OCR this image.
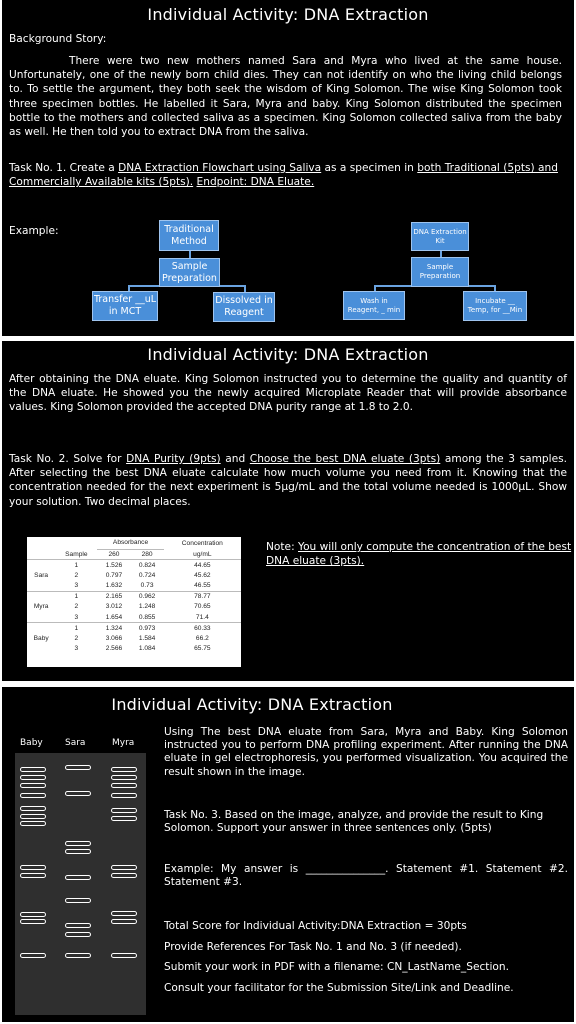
Individual Activity: DNA Extraction
Background Story:
There were two new mothers named Sara and Myra who lived at the same house. Unfortunately, one of the newly born child dies. They can not identify on who the living child belongs to. To settle the argument, they both seek the wisdom of King Solomon. The wise King Solomon took three specimen bottles. He labelled it Sara, Myra and baby. King Solomon distributed the specimen bottle to the mothers and collected saliva as a specimen. King Solomon collected saliva from the baby as well. He then told you to extract DNA from the saliva.
Task No. 1. Create a DNA Extraction Flowchart using Saliva as a specimen in both Traditional (5pts) and Commercially Available kits (5pts). Endpoint: DNA Eluate.
Example:	Traditional Method
Sample Preparation
Transfer __uL in MCT
Dissolved in Reagent
DNA Extraction Kit
Sample Preparation
Wash in Reagent, _ min
Incubate __ Temp, for __Min
Individual Activity: DNA Extraction
After obtaining the DNA eluate. King Solomon instructed you to determine the quality and quantity of the DNA eluate. He showed you the newly acquired Microplate Reader that will provide absorbance values. King Solomon provided the accepted DNA purity range at 1.8 to 2.0.
Task No. 2. Solve for DNA Purity (9pts) and Choose the best DNA eluate (3pts) among the 3 samples. After selecting the best DNA eluate calculate how much volume you need from it. Knowing that the concentration needed for the next experiment is 5µg/mL and the total volume needed is 1000µL. Show your solution. Two decimal places.
		Absorbance		Concentration
	Sample	260	280	ug/mL
	1	1.526	0.824	44.65
Sara	2	0.797	0.724	45.62
	3	1.632	0.73	46.55
	1	2.165	0.962	78.77
Myra	2	3.012	1.248	70.65
	3	1.654	0.855	71.4
	1	1.324	0.973	60.33
Baby	2	3.066	1.584	66.2
	3	2.566	1.084	65.75
Note: You will only compute the concentration of the best DNA eluate (3pts).
Individual Activity: DNA Extraction
Baby Sara	Myra
Using The best DNA eluate from Sara, Myra and Baby. King Solomon instructed you to perform DNA profiling experiment. After running the DNA eluate in gel electrophoresis, you performed visualization. You acquired the result shown in the image.
Task No. 3. Based on the image, analyze, and provide the result to King Solomon. Support your answer in three sentences only. (5pts)
Example: My answer is _______________. Statement #1. Statement #2. Statement #3.
Total Score for Individual Activity:DNA Extraction = 30pts
Provide References For Task No. 1 and No. 3 (if needed).
Submit your work in PDF with a filename: CN_LastName_Section.
Consult your facilitator for the Submission Site/Link and Deadline.
